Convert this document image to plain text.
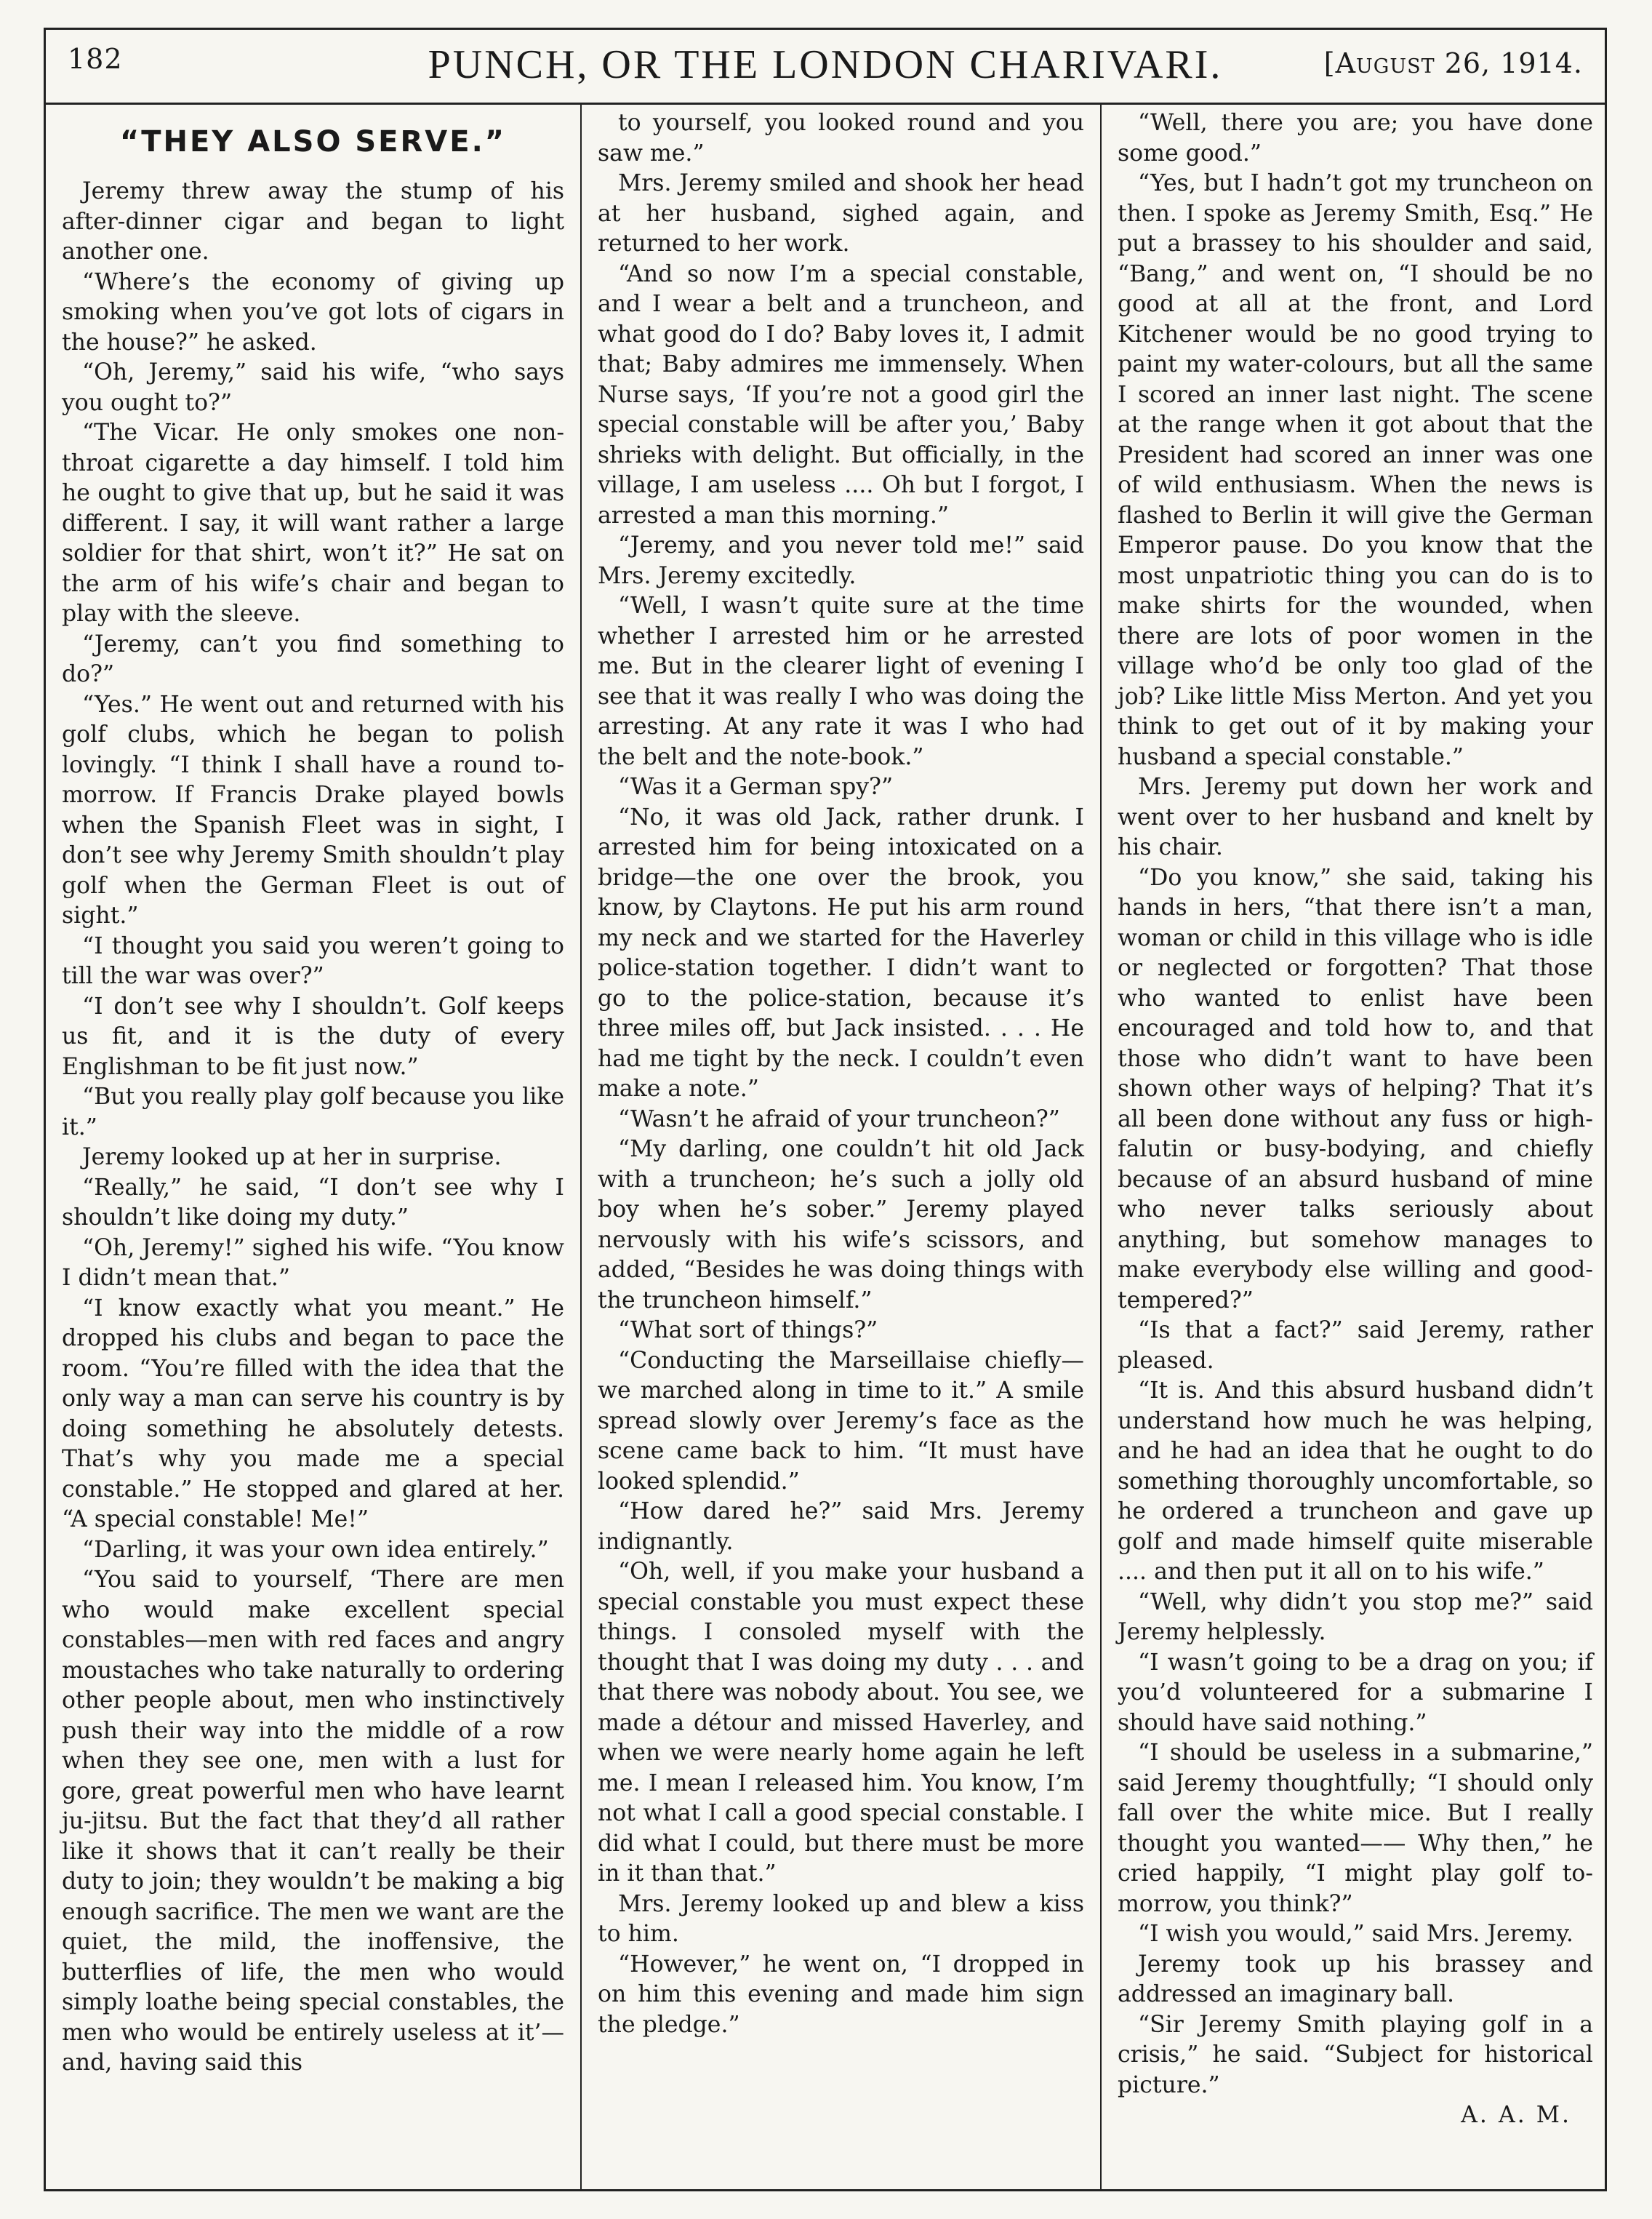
182	PUNCH, OR THE LONDON CHARIVARI.	[August 26, 1914.
“THEY ALSO SERVE.”

Jeremy threw away the stump of his after-dinner cigar and began to light another one.

“Where’s the economy of giving up smoking when you’ve got lots of cigars in the house?” he asked.

“Oh, Jeremy,” said his wife, “who says you ought to?”

“The Vicar. He only smokes one non-throat cigarette a day himself. I told him he ought to give that up, but he said it was different. I say, it will want rather a large soldier for that shirt, won’t it?” He sat on the arm of his wife’s chair and began to play with the sleeve.

“Jeremy, can’t you find something to do?”

“Yes.” He went out and returned with his golf clubs, which he began to polish lovingly. “I think I shall have a round to-morrow. If Francis Drake played bowls when the Spanish Fleet was in sight, I don’t see why Jeremy Smith shouldn’t play golf when the German Fleet is out of sight.”

“I thought you said you weren’t going to till the war was over?”

“I don’t see why I shouldn’t. Golf keeps us fit, and it is the duty of every Englishman to be fit just now.”

“But you really play golf because you like it.”

Jeremy looked up at her in surprise.

“Really,” he said, “I don’t see why I shouldn’t like doing my duty.”

“Oh, Jeremy!” sighed his wife. “You know I didn’t mean that.”

“I know exactly what you meant.” He dropped his clubs and began to pace the room. “You’re filled with the idea that the only way a man can serve his country is by doing something he absolutely detests. That’s why you made me a special constable.” He stopped and glared at her. “A special constable! Me!”

“Darling, it was your own idea entirely.”

“You said to yourself, ‘There are men who would make excellent special constables—men with red faces and angry moustaches who take naturally to ordering other people about, men who instinctively push their way into the middle of a row when they see one, men with a lust for gore, great powerful men who have learnt ju-jitsu. But the fact that they’d all rather like it shows that it can’t really be their duty to join; they wouldn’t be making a big enough sacrifice. The men we want are the quiet, the mild, the inoffensive, the butterflies of life, the men who would simply loathe being special constables, the men who would be entirely useless at it’—and, having said this

to yourself, you looked round and you saw me.”

Mrs. Jeremy smiled and shook her head at her husband, sighed again, and returned to her work.

“And so now I’m a special constable, and I wear a belt and a truncheon, and what good do I do? Baby loves it, I admit that; Baby admires me immensely. When Nurse says, ‘If you’re not a good girl the special constable will be after you,’ Baby shrieks with delight. But officially, in the village, I am useless .... Oh but I forgot, I arrested a man this morning.”

“Jeremy, and you never told me!” said Mrs. Jeremy excitedly.

“Well, I wasn’t quite sure at the time whether I arrested him or he arrested me. But in the clearer light of evening I see that it was really I who was doing the arresting. At any rate it was I who had the belt and the note-book.”

“Was it a German spy?”

“No, it was old Jack, rather drunk. I arrested him for being intoxicated on a bridge—the one over the brook, you know, by Claytons. He put his arm round my neck and we started for the Haverley police-station together. I didn’t want to go to the police-station, because it’s three miles off, but Jack insisted. . . . He had me tight by the neck. I couldn’t even make a note.”

“Wasn’t he afraid of your truncheon?”

“My darling, one couldn’t hit old Jack with a truncheon; he’s such a jolly old boy when he’s sober.” Jeremy played nervously with his wife’s scissors, and added, “Besides he was doing things with the truncheon himself.”

“What sort of things?”

“Conducting the Marseillaise chiefly—we marched along in time to it.” A smile spread slowly over Jeremy’s face as the scene came back to him. “It must have looked splendid.”

“How dared he?” said Mrs. Jeremy indignantly.

“Oh, well, if you make your husband a special constable you must expect these things. I consoled myself with the thought that I was doing my duty . . . and that there was nobody about. You see, we made a détour and missed Haverley, and when we were nearly home again he left me. I mean I released him. You know, I’m not what I call a good special constable. I did what I could, but there must be more in it than that.”

Mrs. Jeremy looked up and blew a kiss to him.

“However,” he went on, “I dropped in on him this evening and made him sign the pledge.”

“Well, there you are; you have done some good.”

“Yes, but I hadn’t got my truncheon on then. I spoke as Jeremy Smith, Esq.” He put a brassey to his shoulder and said, “Bang,” and went on, “I should be no good at all at the front, and Lord Kitchener would be no good trying to paint my water-colours, but all the same I scored an inner last night. The scene at the range when it got about that the President had scored an inner was one of wild enthusiasm. When the news is flashed to Berlin it will give the German Emperor pause. Do you know that the most unpatriotic thing you can do is to make shirts for the wounded, when there are lots of poor women in the village who’d be only too glad of the job? Like little Miss Merton. And yet you think to get out of it by making your husband a special constable.”

Mrs. Jeremy put down her work and went over to her husband and knelt by his chair.

“Do you know,” she said, taking his hands in hers, “that there isn’t a man, woman or child in this village who is idle or neglected or forgotten? That those who wanted to enlist have been encouraged and told how to, and that those who didn’t want to have been shown other ways of helping? That it’s all been done without any fuss or high-falutin or busy-bodying, and chiefly because of an absurd husband of mine who never talks seriously about anything, but somehow manages to make everybody else willing and good-tempered?”

“Is that a fact?” said Jeremy, rather pleased.

“It is. And this absurd husband didn’t understand how much he was helping, and he had an idea that he ought to do something thoroughly uncomfortable, so he ordered a truncheon and gave up golf and made himself quite miserable .... and then put it all on to his wife.”

“Well, why didn’t you stop me?” said Jeremy helplessly.

“I wasn’t going to be a drag on you; if you’d volunteered for a submarine I should have said nothing.”

“I should be useless in a submarine,” said Jeremy thoughtfully; “I should only fall over the white mice. But I really thought you wanted—— Why then,” he cried happily, “I might play golf to-morrow, you think?”

“I wish you would,” said Mrs. Jeremy.

Jeremy took up his brassey and addressed an imaginary ball.

“Sir Jeremy Smith playing golf in a crisis,” he said. “Subject for historical picture.”

A. A. M.
